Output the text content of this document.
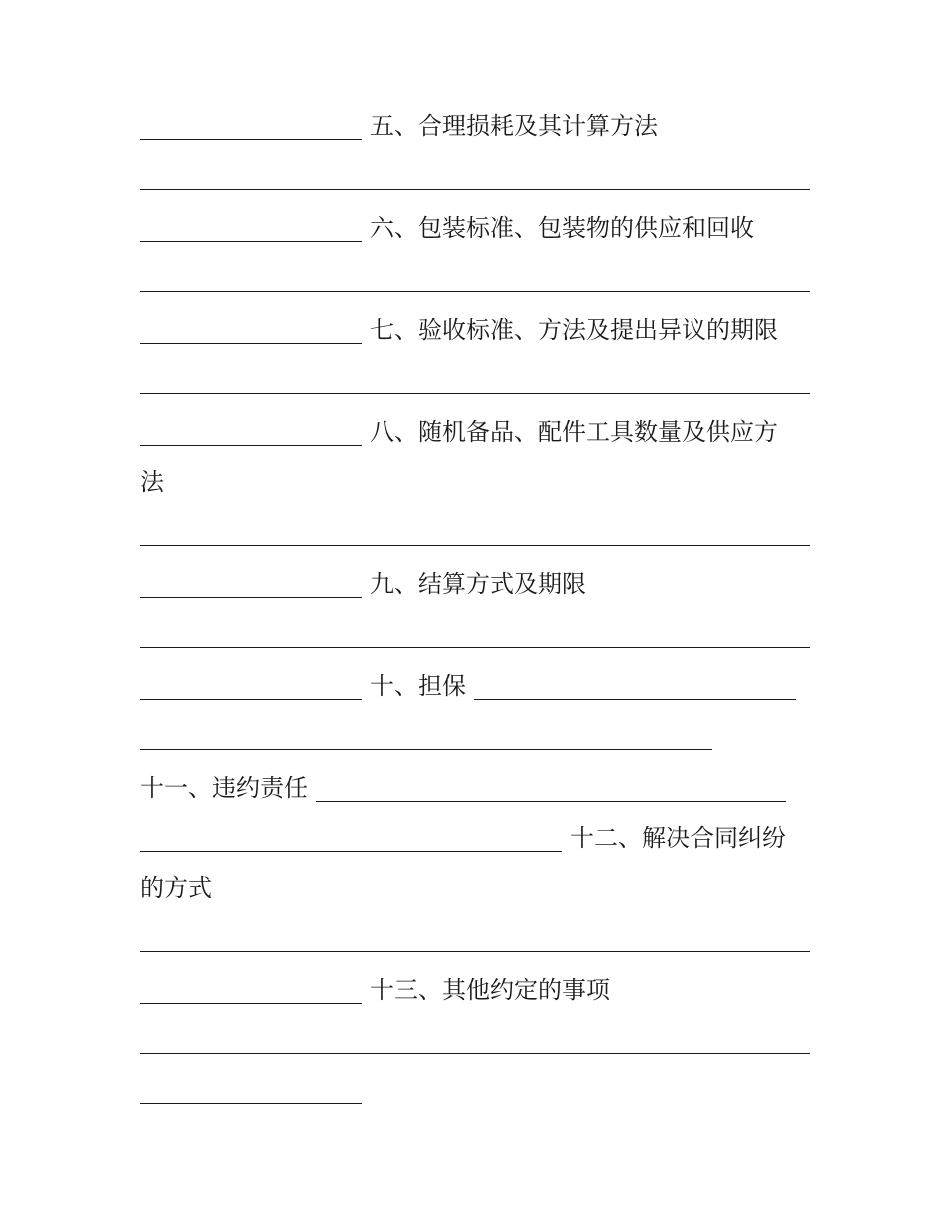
五、合理损耗及其计算方法
六、包装标准、包装物的供应和回收
七、验收标准、方法及提出异议的期限
八、随机备品、配件工具数量及供应方
法
九、结算方式及期限
十、担保
十一、违约责任
十二、解决合同纠纷
的方式
十三、其他约定的事项
